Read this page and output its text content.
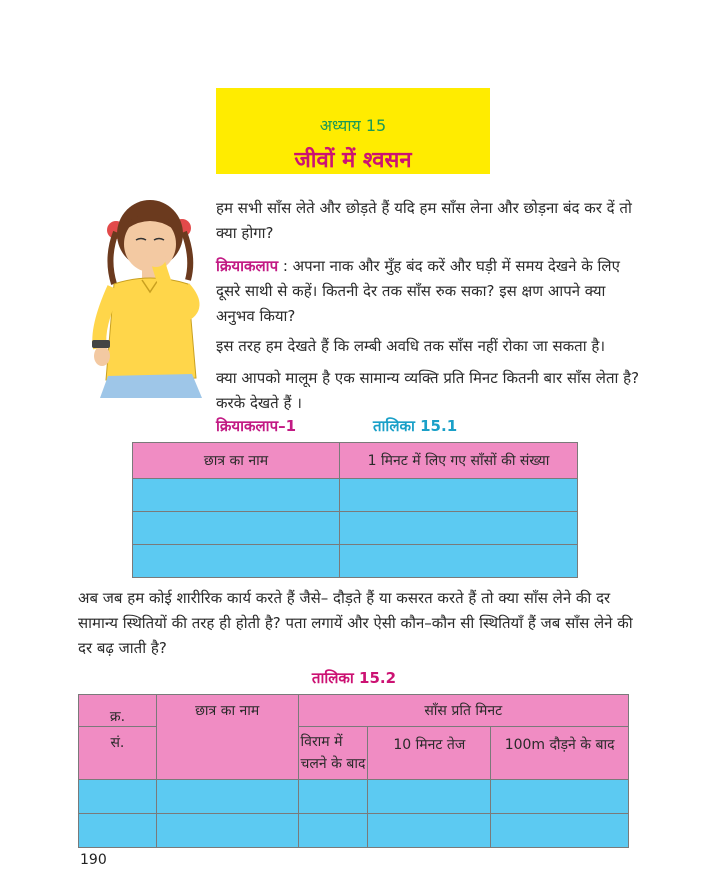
अध्याय 15
जीवों में श्वसन
हम सभी साँस लेते और छोड़ते हैं यदि हम साँस लेना और छोड़ना बंद कर दें तो क्या होगा?
क्रियाकलाप : अपना नाक और मुँह बंद करें और घड़ी में समय देखने के लिए दूसरे साथी से कहें। कितनी देर तक साँस रुक सका? इस क्षण आपने क्या अनुभव किया?
इस तरह हम देखते हैं कि लम्बी अवधि तक साँस नहीं रोका जा सकता है।
क्या आपको मालूम है एक सामान्य व्यक्ति प्रति मिनट कितनी बार साँस लेता है? करके देखते हैं ।
क्रियाकलाप–1	तालिका 15.1
छात्र का नाम	1 मिनट में लिए गए साँसों की संख्या

अब जब हम कोई शारीरिक कार्य करते हैं जैसे– दौड़ते हैं या कसरत करते हैं तो क्या साँस लेने की दर सामान्य स्थितियों की तरह ही होती है? पता लगायें और ऐसी कौन–कौन सी स्थितियाँ हैं जब साँस लेने की दर बढ़ जाती है?
तालिका 15.2
क्र.	छात्र का नाम	साँस प्रति मिनट		
सं.		विराम में चलने के बाद	10 मिनट तेज	100m दौड़ने के बाद

190
